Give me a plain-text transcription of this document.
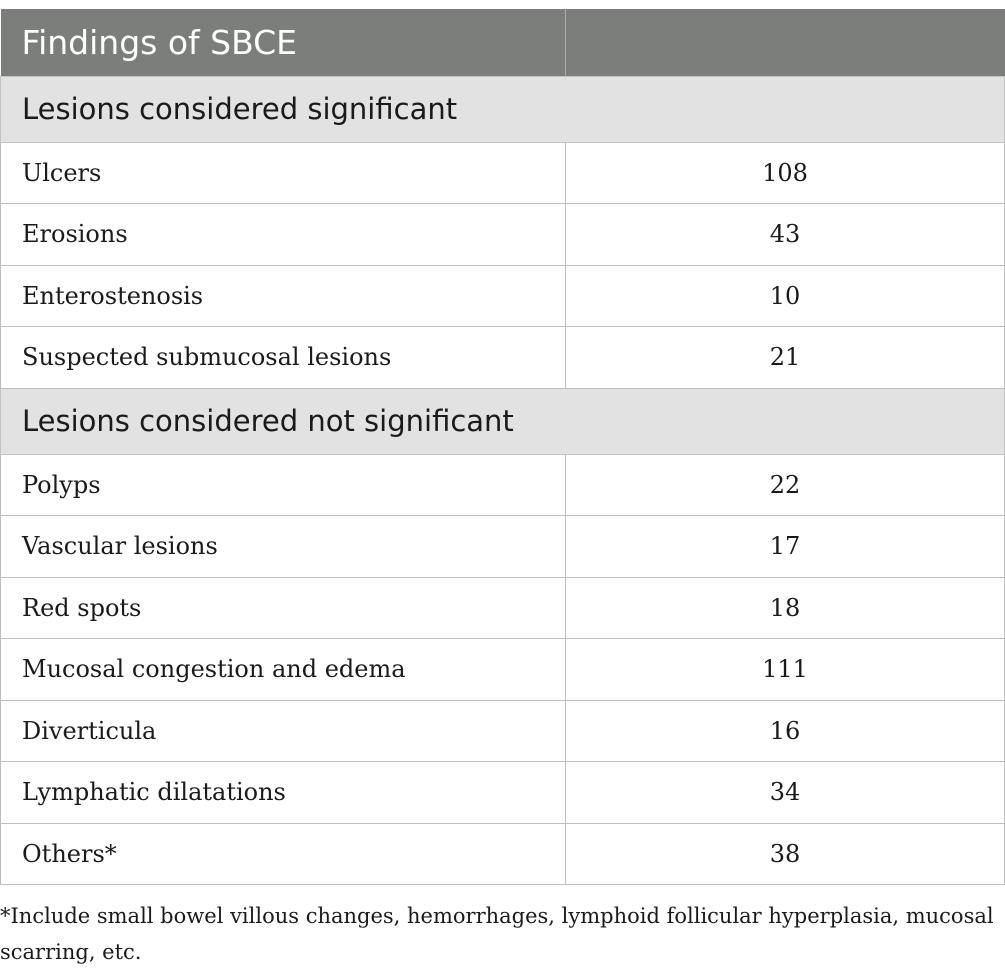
Findings of SBCE	
Lesions considered significant	
Ulcers	108
Erosions	43
Enterostenosis	10
Suspected submucosal lesions	21
Lesions considered not significant	
Polyps	22
Vascular lesions	17
Red spots	18
Mucosal congestion and edema	111
Diverticula	16
Lymphatic dilatations	34
Others*	38
*Include small bowel villous changes, hemorrhages, lymphoid follicular hyperplasia, mucosal scarring, etc.
